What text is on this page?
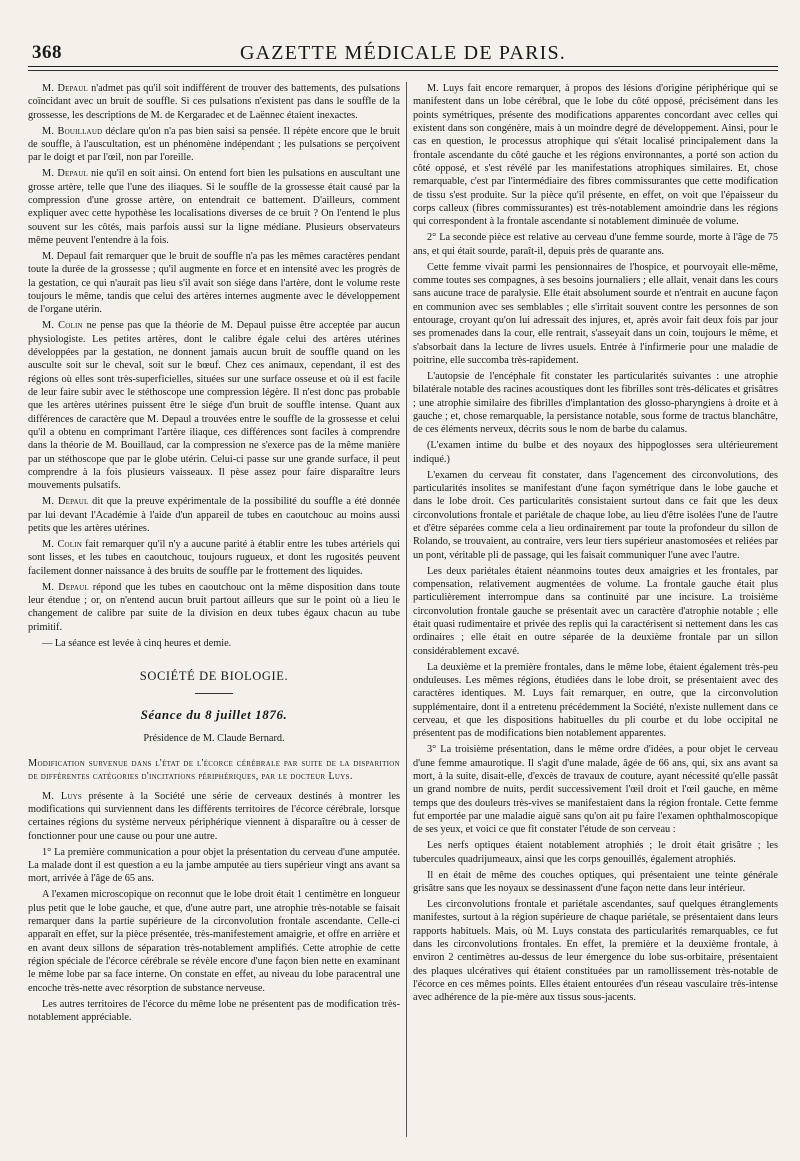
368	GAZETTE MÉDICALE DE PARIS.

M. Depaul n'admet pas qu'il soit indifférent de trouver des battements, des pulsations coïncidant avec un bruit de souffle. Si ces pulsations n'existent pas dans le souffle de la grossesse, les descriptions de M. de Kergaradec et de Laënnec étaient inexactes.

M. Bouillaud déclare qu'on n'a pas bien saisi sa pensée. Il répète encore que le bruit de souffle, à l'auscultation, est un phénomène indépendant ; les pulsations se perçoivent par le doigt et par l'œil, non par l'oreille.

M. Depaul nie qu'il en soit ainsi. On entend fort bien les pulsations en auscultant une grosse artère, telle que l'une des iliaques. Si le souffle de la grossesse était causé par la compression d'une grosse artère, on entendrait ce battement. D'ailleurs, comment expliquer avec cette hypothèse les localisations diverses de ce bruit ? On l'entend le plus souvent sur les côtés, mais parfois aussi sur la ligne médiane. Plusieurs observateurs même peuvent l'entendre à la fois.

M. Depaul fait remarquer que le bruit de souffle n'a pas les mêmes caractères pendant toute la durée de la grossesse ; qu'il augmente en force et en intensité avec les progrès de la gestation, ce qui n'aurait pas lieu s'il avait son siége dans l'artère, dont le volume reste toujours le même, tandis que celui des artères internes augmente avec le développement de l'organe utérin.

M. Colin ne pense pas que la théorie de M. Depaul puisse être acceptée par aucun physiologiste. Les petites artères, dont le calibre égale celui des artères utérines développées par la gestation, ne donnent jamais aucun bruit de souffle quand on les ausculte soit sur le cheval, soit sur le bœuf. Chez ces animaux, cependant, il est des régions où elles sont très-superficielles, situées sur une surface osseuse et où il est facile de leur faire subir avec le stéthoscope une compression légère. Il n'est donc pas probable que les artères utérines puissent être le siége d'un bruit de souffle intense. Quant aux différences de caractère que M. Depaul a trouvées entre le souffle de la grossesse et celui qu'il a obtenu en comprimant l'artère iliaque, ces différences sont faciles à comprendre dans la théorie de M. Bouillaud, car la compression ne s'exerce pas de la même manière par un stéthoscope que par le globe utérin. Celui-ci passe sur une grande surface, il peut comprendre à la fois plusieurs vaisseaux. Il pèse assez pour faire disparaître leurs mouvements pulsatifs.

M. Depaul dit que la preuve expérimentale de la possibilité du souffle a été donnée par lui devant l'Académie à l'aide d'un appareil de tubes en caoutchouc au moins aussi petits que les artères utérines.

M. Colin fait remarquer qu'il n'y a aucune parité à établir entre les tubes artériels qui sont lisses, et les tubes en caoutchouc, toujours rugueux, et dont les rugosités peuvent facilement donner naissance à des bruits de souffle par le frottement des liquides.

M. Depaul répond que les tubes en caoutchouc ont la même disposition dans toute leur étendue ; or, on n'entend aucun bruit partout ailleurs que sur le point où a lieu le changement de calibre par suite de la division en deux tubes égaux chacun au tube primitif.

— La séance est levée à cinq heures et demie.

SOCIÉTÉ DE BIOLOGIE.

Séance du 8 juillet 1876.

Présidence de M. Claude Bernard.

Modification survenue dans l'état de l'écorce cérébrale par suite de la disparition de différentes catégories d'incitations périphériques, par le docteur Luys.

M. Luys présente à la Société une série de cerveaux destinés à montrer les modifications qui surviennent dans les différents territoires de l'écorce cérébrale, lorsque certaines régions du système nerveux périphérique viennent à disparaître ou à cesser de fonctionner pour une cause ou pour une autre.

1° La première communication a pour objet la présentation du cerveau d'une amputée. La malade dont il est question a eu la jambe amputée au tiers supérieur vingt ans avant sa mort, arrivée à l'âge de 65 ans.

A l'examen microscopique on reconnut que le lobe droit était 1 centimètre en longueur plus petit que le lobe gauche, et que, d'une autre part, une atrophie très-notable se faisait remarquer dans la partie supérieure de la circonvolution frontale ascendante. Celle-ci apparaît en effet, sur la pièce présentée, très-manifestement amaigrie, et offre en arrière et en avant deux sillons de séparation très-notablement amplifiés. Cette atrophie de cette région spéciale de l'écorce cérébrale se révèle encore d'une façon bien nette en examinant le même lobe par sa face interne. On constate en effet, au niveau du lobe paracentral une encoche très-nette avec résorption de substance nerveuse.

Les autres territoires de l'écorce du même lobe ne présentent pas de modification très-notablement appréciable.

M. Luys fait encore remarquer, à propos des lésions d'origine périphérique qui se manifestent dans un lobe cérébral, que le lobe du côté opposé, précisément dans les points symétriques, présente des modifications apparentes concordant avec celles qui existent dans son congénère, mais à un moindre degré de développement. Ainsi, pour le cas en question, le processus atrophique qui s'était localisé principalement dans la frontale ascendante du côté gauche et les régions environnantes, a porté son action du côté opposé, et s'est révélé par les manifestations atrophiques similaires. Et, chose remarquable, c'est par l'intermédiaire des fibres commissurantes que cette modification de tissu s'est produite. Sur la pièce qu'il présente, en effet, on voit que l'épaisseur du corps calleux (fibres commissurantes) est très-notablement amoindrie dans les régions qui correspondent à la frontale ascendante si notablement diminuée de volume.

2° La seconde pièce est relative au cerveau d'une femme sourde, morte à l'âge de 75 ans, et qui était sourde, paraît-il, depuis près de quarante ans.

Cette femme vivait parmi les pensionnaires de l'hospice, et pourvoyait elle-même, comme toutes ses compagnes, à ses besoins journaliers ; elle allait, venait dans les cours sans aucune trace de paralysie. Elle était absolument sourde et n'entrait en aucune façon en communion avec ses semblables ; elle s'irritait souvent contre les personnes de son entourage, croyant qu'on lui adressait des injures, et, après avoir fait deux fois par jour ses promenades dans la cour, elle rentrait, s'asseyait dans un coin, toujours le même, et s'absorbait dans la lecture de livres usuels. Entrée à l'infirmerie pour une maladie de poitrine, elle succomba très-rapidement.

L'autopsie de l'encéphale fit constater les particularités suivantes : une atrophie bilatérale notable des racines acoustiques dont les fibrilles sont très-délicates et grisâtres ; une atrophie similaire des fibrilles d'implantation des glosso-pharyngiens à droite et à gauche ; et, chose remarquable, la persistance notable, sous forme de tractus blanchâtre, de ces éléments nerveux, décrits sous le nom de barbe du calamus.

(L'examen intime du bulbe et des noyaux des hippoglosses sera ultérieurement indiqué.)

L'examen du cerveau fit constater, dans l'agencement des circonvolutions, des particularités insolites se manifestant d'une façon symétrique dans le lobe gauche et dans le lobe droit. Ces particularités consistaient surtout dans ce fait que les deux circonvolutions frontale et pariétale de chaque lobe, au lieu d'être isolées l'une de l'autre et d'être séparées comme cela a lieu ordinairement par toute la profondeur du sillon de Rolando, se trouvaient, au contraire, vers leur tiers supérieur anastomosées et reliées par un pont, véritable pli de passage, qui les faisait communiquer l'une avec l'autre.

Les deux pariétales étaient néanmoins toutes deux amaigries et les frontales, par compensation, relativement augmentées de volume. La frontale gauche était plus particulièrement interrompue dans sa continuité par une incisure. La troisième circonvolution frontale gauche se présentait avec un caractère d'atrophie notable ; elle était quasi rudimentaire et privée des replis qui la caractérisent si nettement dans les cas ordinaires ; elle était en outre séparée de la deuxième frontale par un sillon considérablement excavé.

La deuxième et la première frontales, dans le même lobe, étaient également très-peu onduleuses. Les mêmes régions, étudiées dans le lobe droit, se présentaient avec des caractères identiques. M. Luys fait remarquer, en outre, que la circonvolution supplémentaire, dont il a entretenu précédemment la Société, n'existe nullement dans ce cerveau, et que les dispositions habituelles du pli courbe et du lobe occipital ne présentent pas de modifications bien notablement apparentes.

3° La troisième présentation, dans le même ordre d'idées, a pour objet le cerveau d'une femme amaurotique. Il s'agit d'une malade, âgée de 66 ans, qui, six ans avant sa mort, à la suite, disait-elle, d'excès de travaux de couture, ayant nécessité qu'elle passât un grand nombre de nuits, perdit successivement l'œil droit et l'œil gauche, en même temps que des douleurs très-vives se manifestaient dans la région frontale. Cette femme fut emportée par une maladie aiguë sans qu'on ait pu faire l'examen ophthalmoscopique de ses yeux, et voici ce que fit constater l'étude de son cerveau :

Les nerfs optiques étaient notablement atrophiés ; le droit était grisâtre ; les tubercules quadrijumeaux, ainsi que les corps genouillés, également atrophiés.

Il en était de même des couches optiques, qui présentaient une teinte générale grisâtre sans que les noyaux se dessinassent d'une façon nette dans leur intérieur.

Les circonvolutions frontale et pariétale ascendantes, sauf quelques étranglements manifestes, surtout à la région supérieure de chaque pariétale, se présentaient dans leurs rapports habituels. Mais, où M. Luys constata des particularités remarquables, ce fut dans les circonvolutions frontales. En effet, la première et la deuxième frontale, à environ 2 centimètres au-dessus de leur émergence du lobe sus-orbitaire, présentaient des plaques ulcératives qui étaient constituées par un ramollissement très-notable de l'écorce en ces mêmes points. Elles étaient entourées d'un réseau vasculaire très-intense avec adhérence de la pie-mère aux tissus sous-jacents.
